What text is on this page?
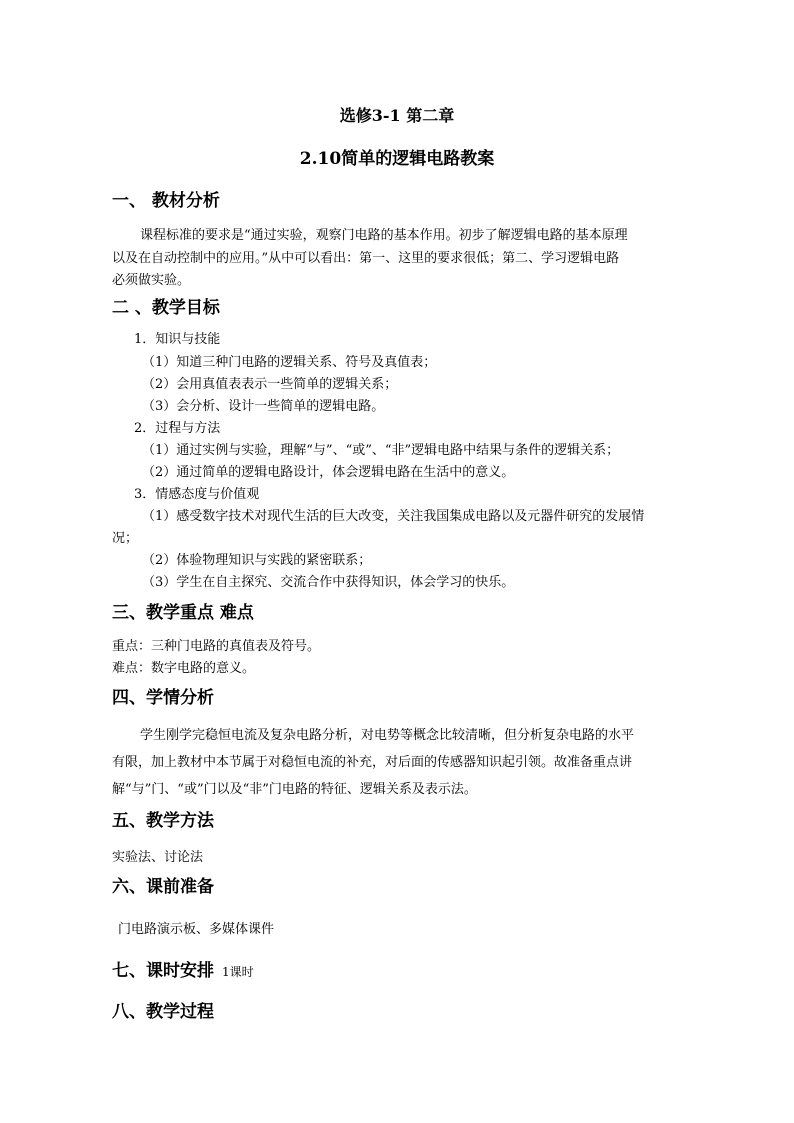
选修3-1 第二章
2.10简单的逻辑电路教案
一、 教材分析
课程标准的要求是“通过实验，观察门电路的基本作用。初步了解逻辑电路的基本原理
以及在自动控制中的应用。”从中可以看出：第一、这里的要求很低；第二、学习逻辑电路
必须做实验。
二 、教学目标
1．知识与技能
（1）知道三种门电路的逻辑关系、符号及真值表；
（2）会用真值表表示一些简单的逻辑关系；
（3）会分析、设计一些简单的逻辑电路。
2．过程与方法
（1）通过实例与实验，理解“与”、“或”、“非”逻辑电路中结果与条件的逻辑关系；
（2）通过简单的逻辑电路设计，体会逻辑电路在生活中的意义。
3．情感态度与价值观
（1）感受数字技术对现代生活的巨大改变，关注我国集成电路以及元器件研究的发展情
况；
（2）体验物理知识与实践的紧密联系；
（3）学生在自主探究、交流合作中获得知识，体会学习的快乐。
三、教学重点 难点
重点：三种门电路的真值表及符号。
难点：数字电路的意义。
四、学情分析
学生刚学完稳恒电流及复杂电路分析，对电势等概念比较清晰，但分析复杂电路的水平
有限，加上教材中本节属于对稳恒电流的补充，对后面的传感器知识起引领。故准备重点讲
解“与”门、“或”门以及“非”门电路的特征、逻辑关系及表示法。
五、教学方法
实验法、讨论法
六、课前准备
门电路演示板、多媒体课件
七、课时安排 1课时
八、教学过程
